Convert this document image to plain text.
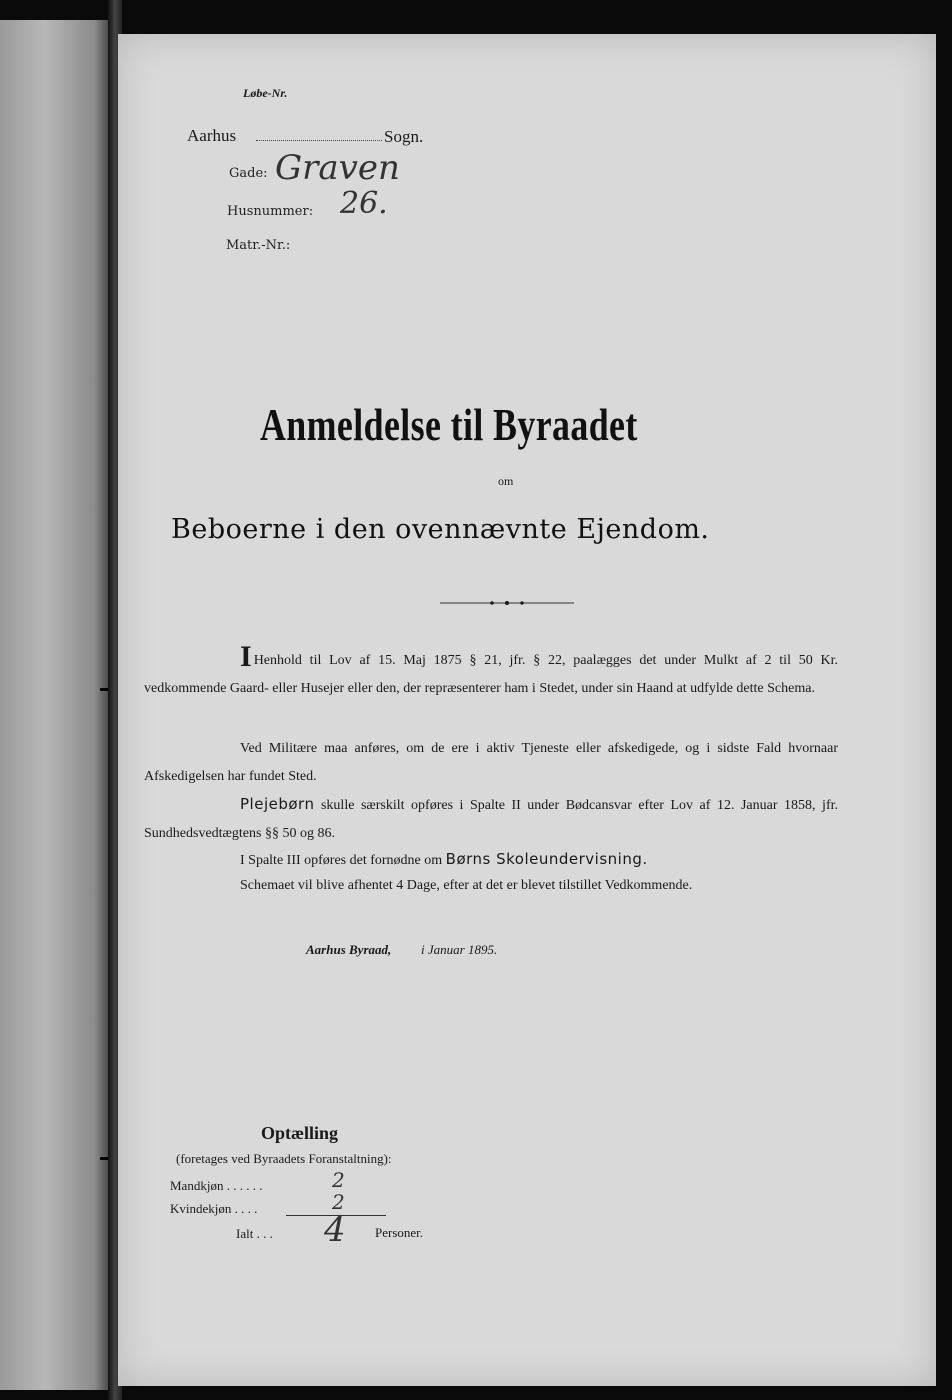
Løbe-Nr.
Aarhus	Sogn.
Gade: Graven
Husnummer: 26.
Matr.-Nr.:
Anmeldelse til Byraadet
om
Beboerne i den ovennævnte Ejendom.
I Henhold til Lov af 15. Maj 1875 § 21, jfr. § 22, paalægges det under Mulkt af 2 til 50 Kr. vedkommende Gaard- eller Husejer eller den, der repræsenterer ham i Stedet, under sin Haand at udfylde dette Schema.
Ved Militære maa anføres, om de ere i aktiv Tjeneste eller afskedigede, og i sidste Fald hvornaar Afskedigelsen har fundet Sted.
Plejebørn skulle særskilt opføres i Spalte II under Bødcansvar efter Lov af 12. Januar 1858, jfr. Sundhedsvedtægtens §§ 50 og 86.
I Spalte III opføres det fornødne om Børns Skoleundervisning.
Schemaet vil blive afhentet 4 Dage, efter at det er blevet tilstillet Vedkommende.
Aarhus Byraad, i Januar 1895.
Optælling
(foretages ved Byraadets Foranstaltning):
Mandkjøn . . . . . .	2
Kvindekjøn . . . .	2
Ialt . . . 4 Personer.
